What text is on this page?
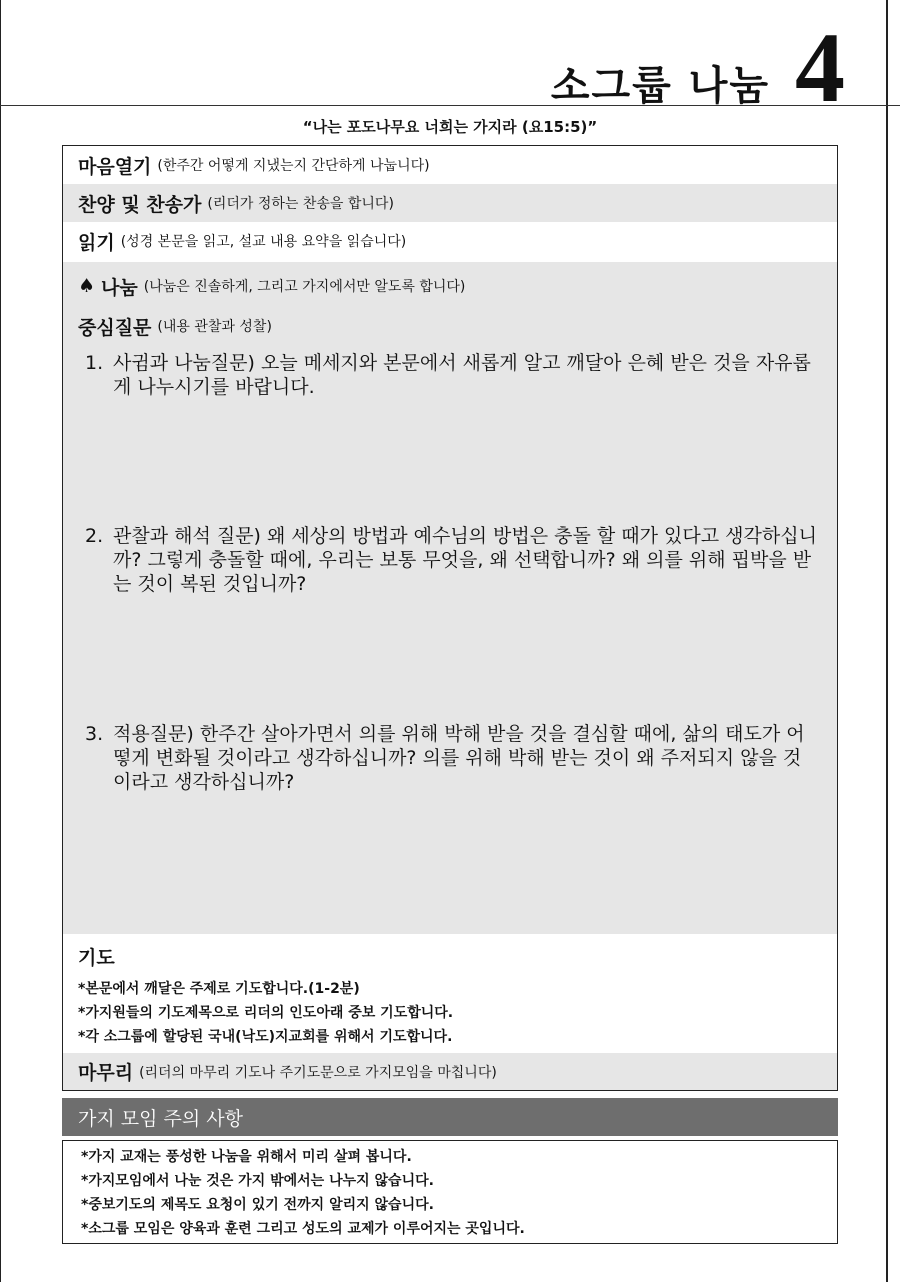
소그룹 나눔 4
“나는 포도나무요 너희는 가지라 (요15:5)”
마음열기 (한주간 어떻게 지냈는지 간단하게 나눕니다)
찬양 및 찬송가 (리더가 정하는 찬송을 합니다)
읽기 (성경 본문을 읽고, 설교 내용 요약을 읽습니다)
♠ 나눔 (나눔은 진솔하게, 그리고 가지에서만 알도록 합니다)
중심질문 (내용 관찰과 성찰)
1. 사귐과 나눔질문) 오늘 메세지와 본문에서 새롭게 알고 깨달아 은혜 받은 것을 자유롭게 나누시기를 바랍니다.
2. 관찰과 해석 질문) 왜 세상의 방법과 예수님의 방법은 충돌 할 때가 있다고 생각하십니까? 그렇게 충돌할 때에, 우리는 보통 무엇을, 왜 선택합니까? 왜 의를 위해 핍박을 받는 것이 복된 것입니까?
3. 적용질문) 한주간 살아가면서 의를 위해 박해 받을 것을 결심할 때에, 삶의 태도가 어떻게 변화될 것이라고 생각하십니까? 의를 위해 박해 받는 것이 왜 주저되지 않을 것이라고 생각하십니까?
기도
*본문에서 깨달은 주제로 기도합니다.(1-2분)
*가지원들의 기도제목으로 리더의 인도아래 중보 기도합니다.
*각 소그룹에 할당된 국내(낙도)지교회를 위해서 기도합니다.
마무리 (리더의 마무리 기도나 주기도문으로 가지모임을 마칩니다)
가지 모임 주의 사항
*가지 교재는 풍성한 나눔을 위해서 미리 살펴 봅니다.
*가지모임에서 나눈 것은 가지 밖에서는 나누지 않습니다.
*중보기도의 제목도 요청이 있기 전까지 알리지 않습니다.
*소그룹 모임은 양육과 훈련 그리고 성도의 교제가 이루어지는 곳입니다.
